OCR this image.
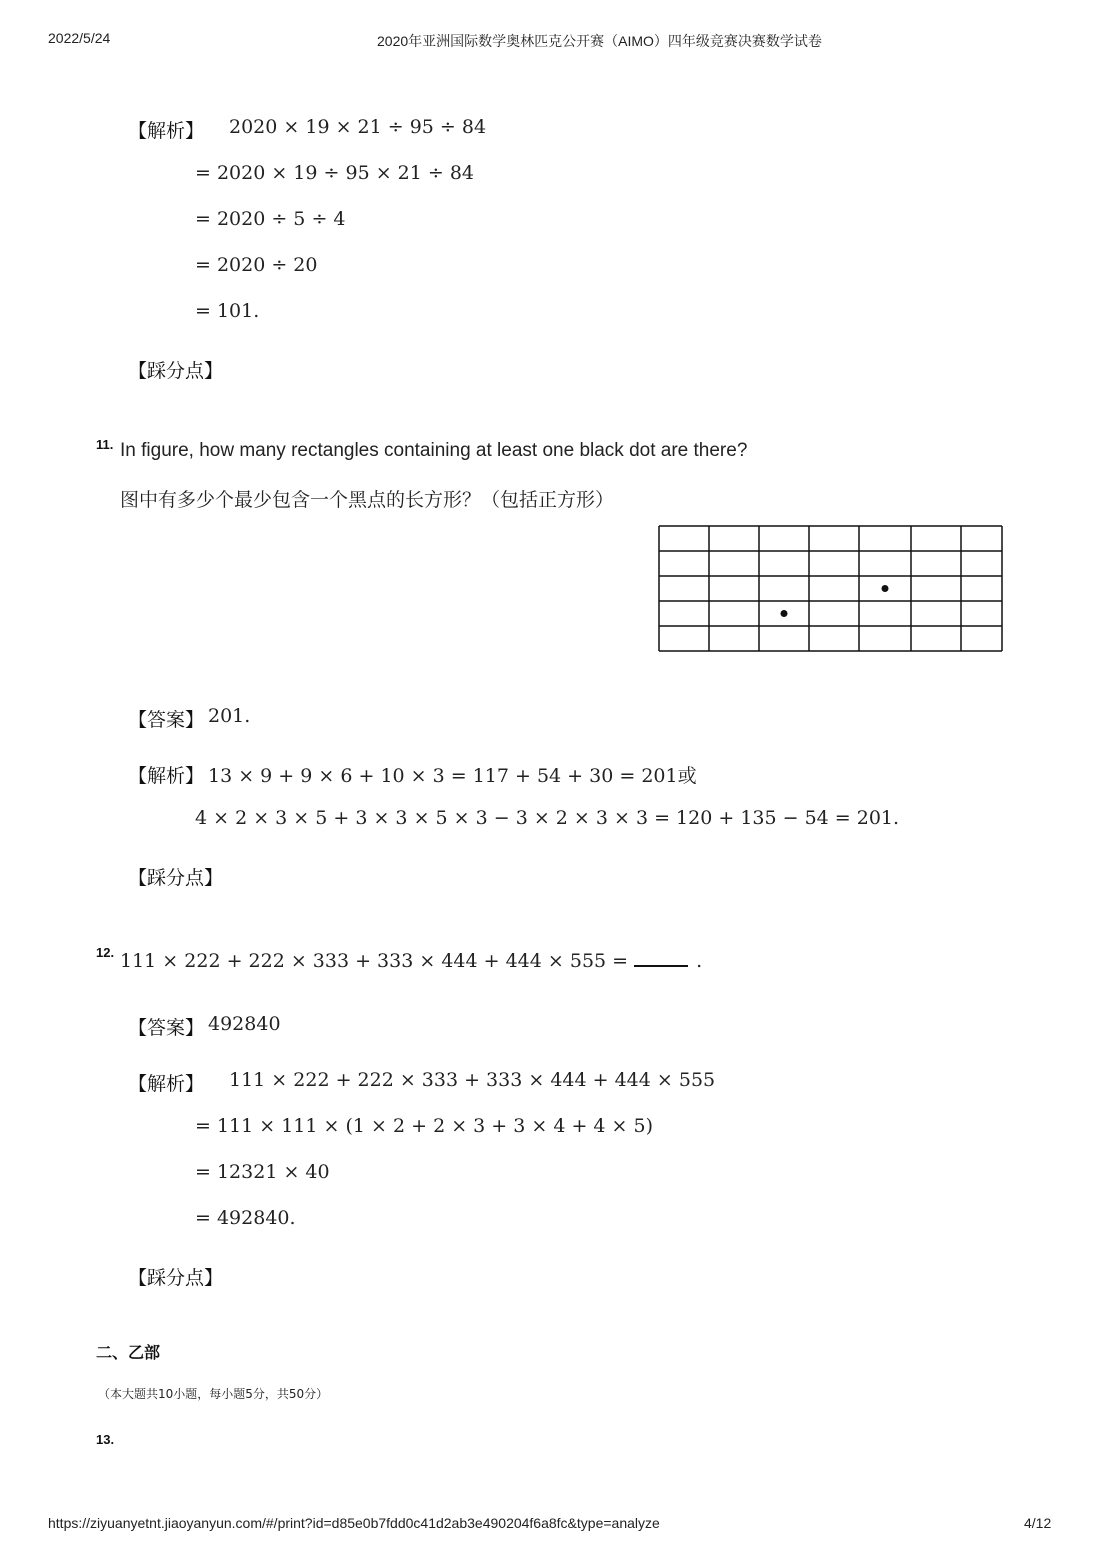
2022/5/24	2020年亚洲国际数学奥林匹克公开赛（AIMO）四年级竞赛决赛数学试卷
【解析】 2020 × 19 × 21 ÷ 95 ÷ 84
= 2020 × 19 ÷ 95 × 21 ÷ 84
= 2020 ÷ 5 ÷ 4
= 2020 ÷ 20
= 101.
【踩分点】
11. In figure, how many rectangles containing at least one black dot are there?
图中有多少个最少包含一个黑点的长方形？（包括正方形）
【答案】 201.
【解析】 13 × 9 + 9 × 6 + 10 × 3 = 117 + 54 + 30 = 201或
4 × 2 × 3 × 5 + 3 × 3 × 5 × 3 − 3 × 2 × 3 × 3 = 120 + 135 − 54 = 201.
【踩分点】
12. 111 × 222 + 222 × 333 + 333 × 444 + 444 × 555 =	.
【答案】 492840
【解析】 111 × 222 + 222 × 333 + 333 × 444 + 444 × 555
= 111 × 111 × (1 × 2 + 2 × 3 + 3 × 4 + 4 × 5)
= 12321 × 40
= 492840.
【踩分点】
二、乙部
（本大题共10小题，每小题5分，共50分）
13.
https://ziyuanyetnt.jiaoyanyun.com/#/print?id=d85e0b7fdd0c41d2ab3e490204f6a8fc&type=analyze	4/12
